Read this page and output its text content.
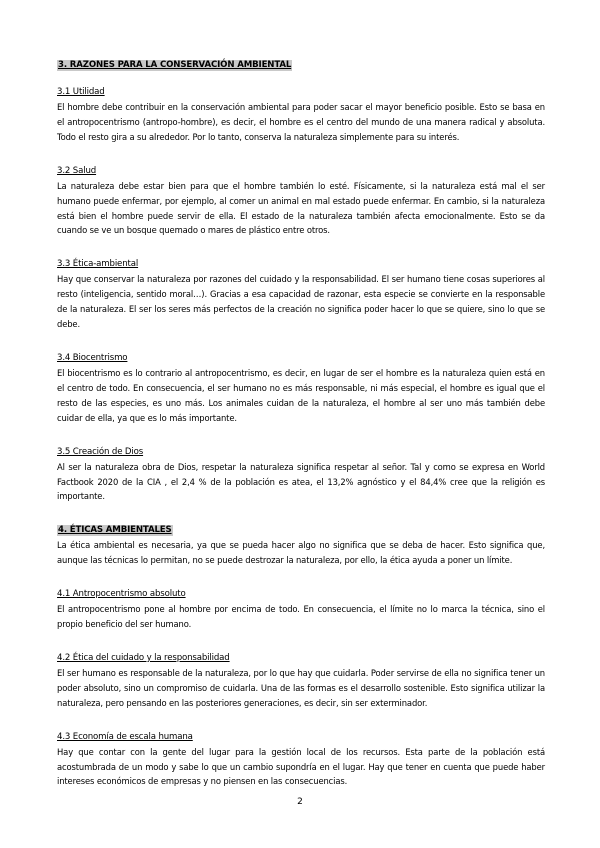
3. RAZONES PARA LA CONSERVACIÓN AMBIENTAL
3.1 Utilidad

El hombre debe contribuir en la conservación ambiental para poder sacar el mayor beneficio posible. Esto se basa en el antropocentrismo (antropo-hombre), es decir, el hombre es el centro del mundo de una manera radical y absoluta. Todo el resto gira a su alrededor. Por lo tanto, conserva la naturaleza simplemente para su interés.

3.2 Salud

La naturaleza debe estar bien para que el hombre también lo esté. Físicamente, si la naturaleza está mal el ser humano puede enfermar, por ejemplo, al comer un animal en mal estado puede enfermar. En cambio, si la naturaleza está bien el hombre puede servir de ella. El estado de la naturaleza también afecta emocionalmente. Esto se da cuando se ve un bosque quemado o mares de plástico entre otros.

3.3 Ética-ambiental

Hay que conservar la naturaleza por razones del cuidado y la responsabilidad. El ser humano tiene cosas superiores al resto (inteligencia, sentido moral…). Gracias a esa capacidad de razonar, esta especie se convierte en la responsable de la naturaleza. El ser los seres más perfectos de la creación no significa poder hacer lo que se quiere, sino lo que se debe.

3.4 Biocentrismo

El biocentrismo es lo contrario al antropocentrismo, es decir, en lugar de ser el hombre es la naturaleza quien está en el centro de todo. En consecuencia, el ser humano no es más responsable, ni más especial, el hombre es igual que el resto de las especies, es uno más. Los animales cuidan de la naturaleza, el hombre al ser uno más también debe cuidar de ella, ya que es lo más importante.

3.5 Creación de Dios

Al ser la naturaleza obra de Dios, respetar la naturaleza significa respetar al señor. Tal y como se expresa en World Factbook 2020 de la CIA , el 2,4 % de la población es atea, el 13,2% agnóstico y el 84,4% cree que la religión es importante.

4. ÉTICAS AMBIENTALES

La ética ambiental es necesaria, ya que se pueda hacer algo no significa que se deba de hacer. Esto significa que, aunque las técnicas lo permitan, no se puede destrozar la naturaleza, por ello, la ética ayuda a poner un límite.

4.1 Antropocentrismo absoluto

El antropocentrismo pone al hombre por encima de todo. En consecuencia, el límite no lo marca la técnica, sino el propio beneficio del ser humano.

4.2 Ética del cuidado y la responsabilidad

El ser humano es responsable de la naturaleza, por lo que hay que cuidarla. Poder servirse de ella no significa tener un poder absoluto, sino un compromiso de cuidarla. Una de las formas es el desarrollo sostenible. Esto significa utilizar la naturaleza, pero pensando en las posteriores generaciones, es decir, sin ser exterminador.

4.3 Economía de escala humana

Hay que contar con la gente del lugar para la gestión local de los recursos. Esta parte de la población está acostumbrada de un modo y sabe lo que un cambio supondría en el lugar. Hay que tener en cuenta que puede haber intereses económicos de empresas y no piensen en las consecuencias.

2
